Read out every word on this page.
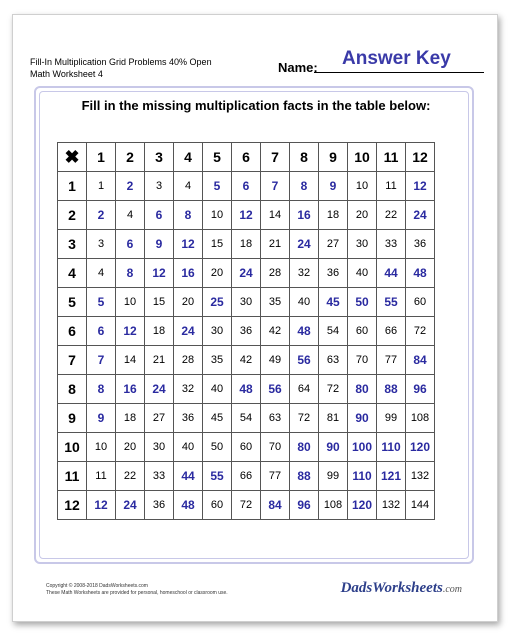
Fill-In Multiplication Grid Problems 40% Open
Math Worksheet 4	Name: Answer Key
Fill in the missing multiplication facts in the table below:
✖	1	2	3	4	5	6	7	8	9	10	11	12
1	1	2	3	4	5	6	7	8	9	10	11	12
2	2	4	6	8	10	12	14	16	18	20	22	24
3	3	6	9	12	15	18	21	24	27	30	33	36
4	4	8	12	16	20	24	28	32	36	40	44	48
5	5	10	15	20	25	30	35	40	45	50	55	60
6	6	12	18	24	30	36	42	48	54	60	66	72
7	7	14	21	28	35	42	49	56	63	70	77	84
8	8	16	24	32	40	48	56	64	72	80	88	96
9	9	18	27	36	45	54	63	72	81	90	99	108
10	10	20	30	40	50	60	70	80	90	100	110	120
11	11	22	33	44	55	66	77	88	99	110	121	132
12	12	24	36	48	60	72	84	96	108	120	132	144
Copyright © 2008-2018 DadsWorksheets.com
These Math Worksheets are provided for personal, homeschool or classroom use.	DadsWorksheets.com
